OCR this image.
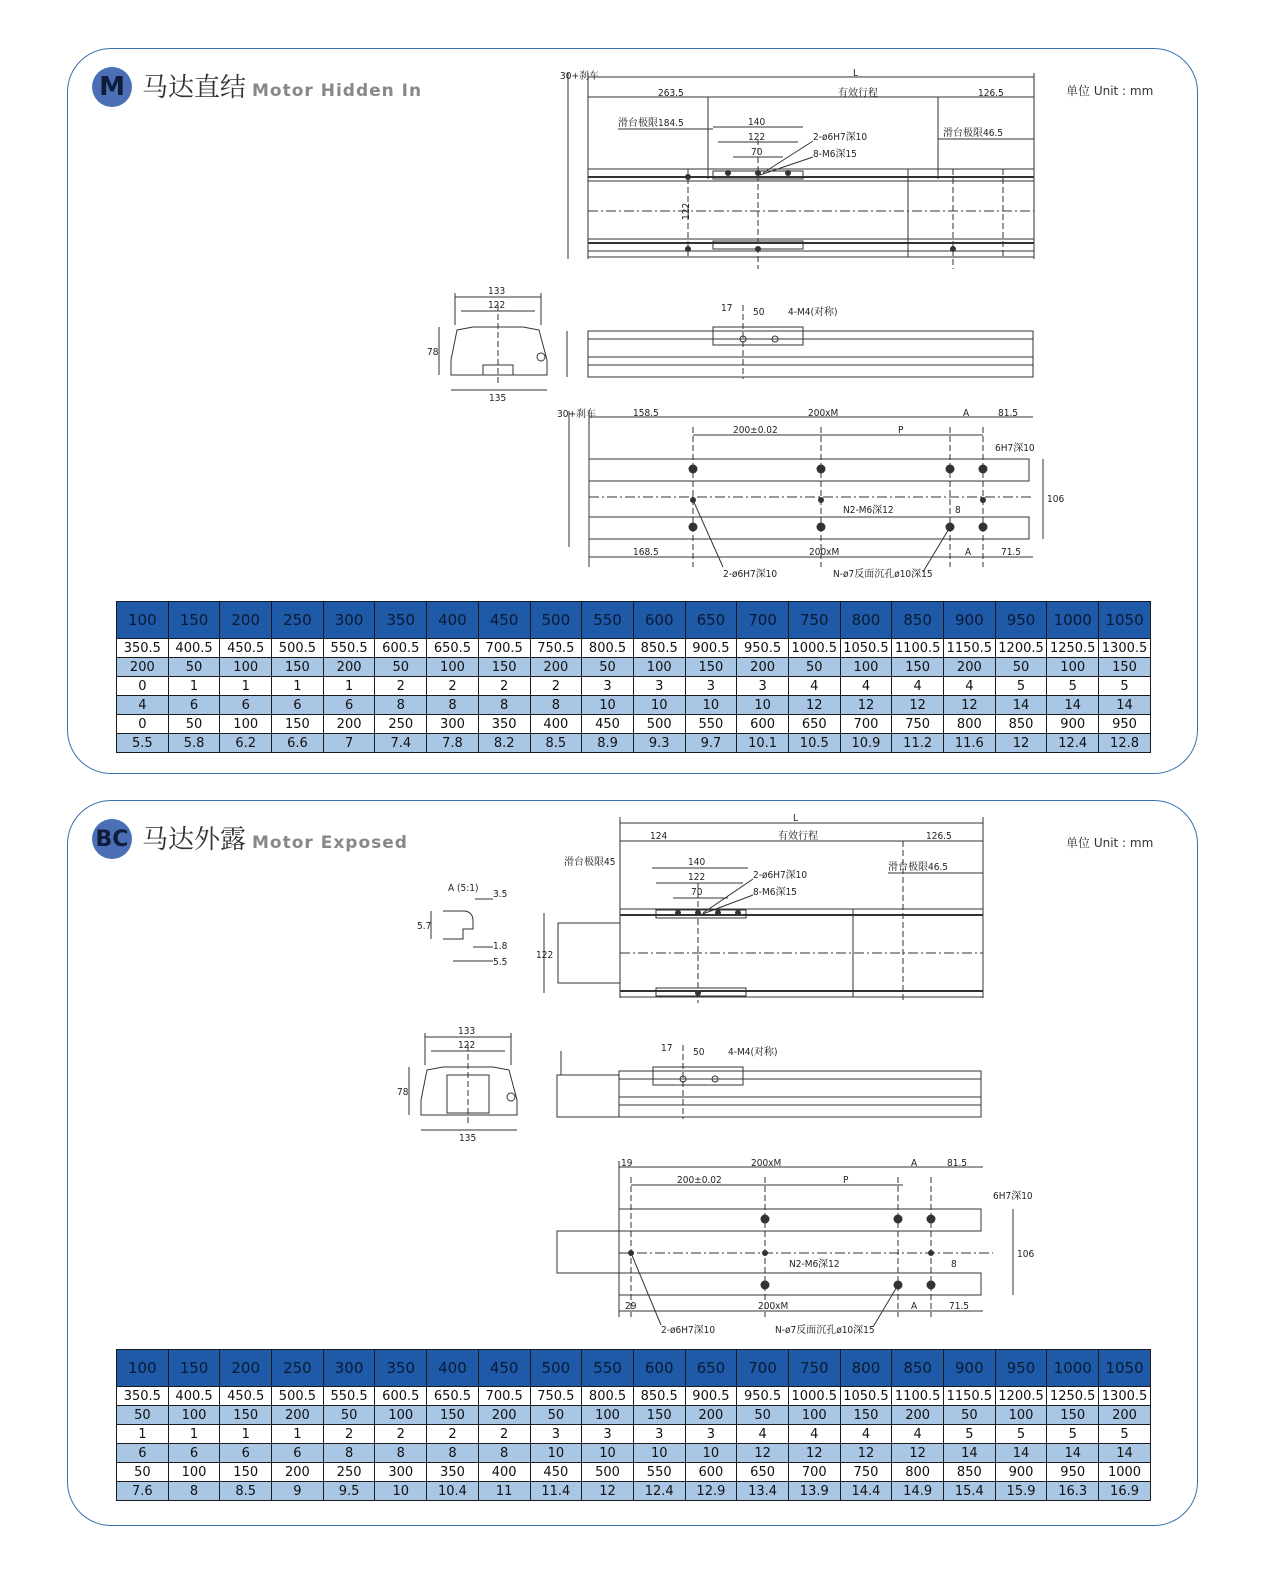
M 马达直结 Motor Hidden In	单位 Unit : mm
30+刹车	L
有效行程
263.5	126.5
滑台极限184.5
滑台极限46.5
140
122
70
2-ø6H7深10
8-M6深15
122
133
122
78
135
17 50 4-M4(对称)
30+刹车	158.5	200xM	A	81.5
200±0.02	P
6H7深10
106
N2-M6深12	8
168.5	200xM	A	71.5
2-ø6H7深10	N-ø7反面沉孔ø10深15
100	150	200	250	300	350	400	450	500	550	600	650	700	750	800	850	900	950	1000	1050
350.5	400.5	450.5	500.5	550.5	600.5	650.5	700.5	750.5	800.5	850.5	900.5	950.5	1000.5	1050.5	1100.5	1150.5	1200.5	1250.5	1300.5
200	50	100	150	200	50	100	150	200	50	100	150	200	50	100	150	200	50	100	150
0	1	1	1	1	2	2	2	2	3	3	3	3	4	4	4	4	5	5	5
4	6	6	6	6	8	8	8	8	10	10	10	10	12	12	12	12	14	14	14
0	50	100	150	200	250	300	350	400	450	500	550	600	650	700	750	800	850	900	950
5.5	5.8	6.2	6.6	7	7.4	7.8	8.2	8.5	8.9	9.3	9.7	10.1	10.5	10.9	11.2	11.6	12	12.4	12.8
BC 马达外露 Motor Exposed	单位 Unit : mm
A (5:1)
3.5
5.7
1.8
5.5
L
有效行程
124	126.5
滑台极限45	滑台极限46.5
140
122
70
2-ø6H7深10
8-M6深15
122
133
122
78
135
17 50 4-M4(对称)
19	200xM	A	81.5
200±0.02	P
6H7深10
106
N2-M6深12	8
29	200xM	A	71.5
2-ø6H7深10	N-ø7反面沉孔ø10深15
100	150	200	250	300	350	400	450	500	550	600	650	700	750	800	850	900	950	1000	1050
350.5	400.5	450.5	500.5	550.5	600.5	650.5	700.5	750.5	800.5	850.5	900.5	950.5	1000.5	1050.5	1100.5	1150.5	1200.5	1250.5	1300.5
50	100	150	200	50	100	150	200	50	100	150	200	50	100	150	200	50	100	150	200
1	1	1	1	2	2	2	2	3	3	3	3	4	4	4	4	5	5	5	5
6	6	6	6	8	8	8	8	10	10	10	10	12	12	12	12	14	14	14	14
50	100	150	200	250	300	350	400	450	500	550	600	650	700	750	800	850	900	950	1000
7.6	8	8.5	9	9.5	10	10.4	11	11.4	12	12.4	12.9	13.4	13.9	14.4	14.9	15.4	15.9	16.3	16.9
